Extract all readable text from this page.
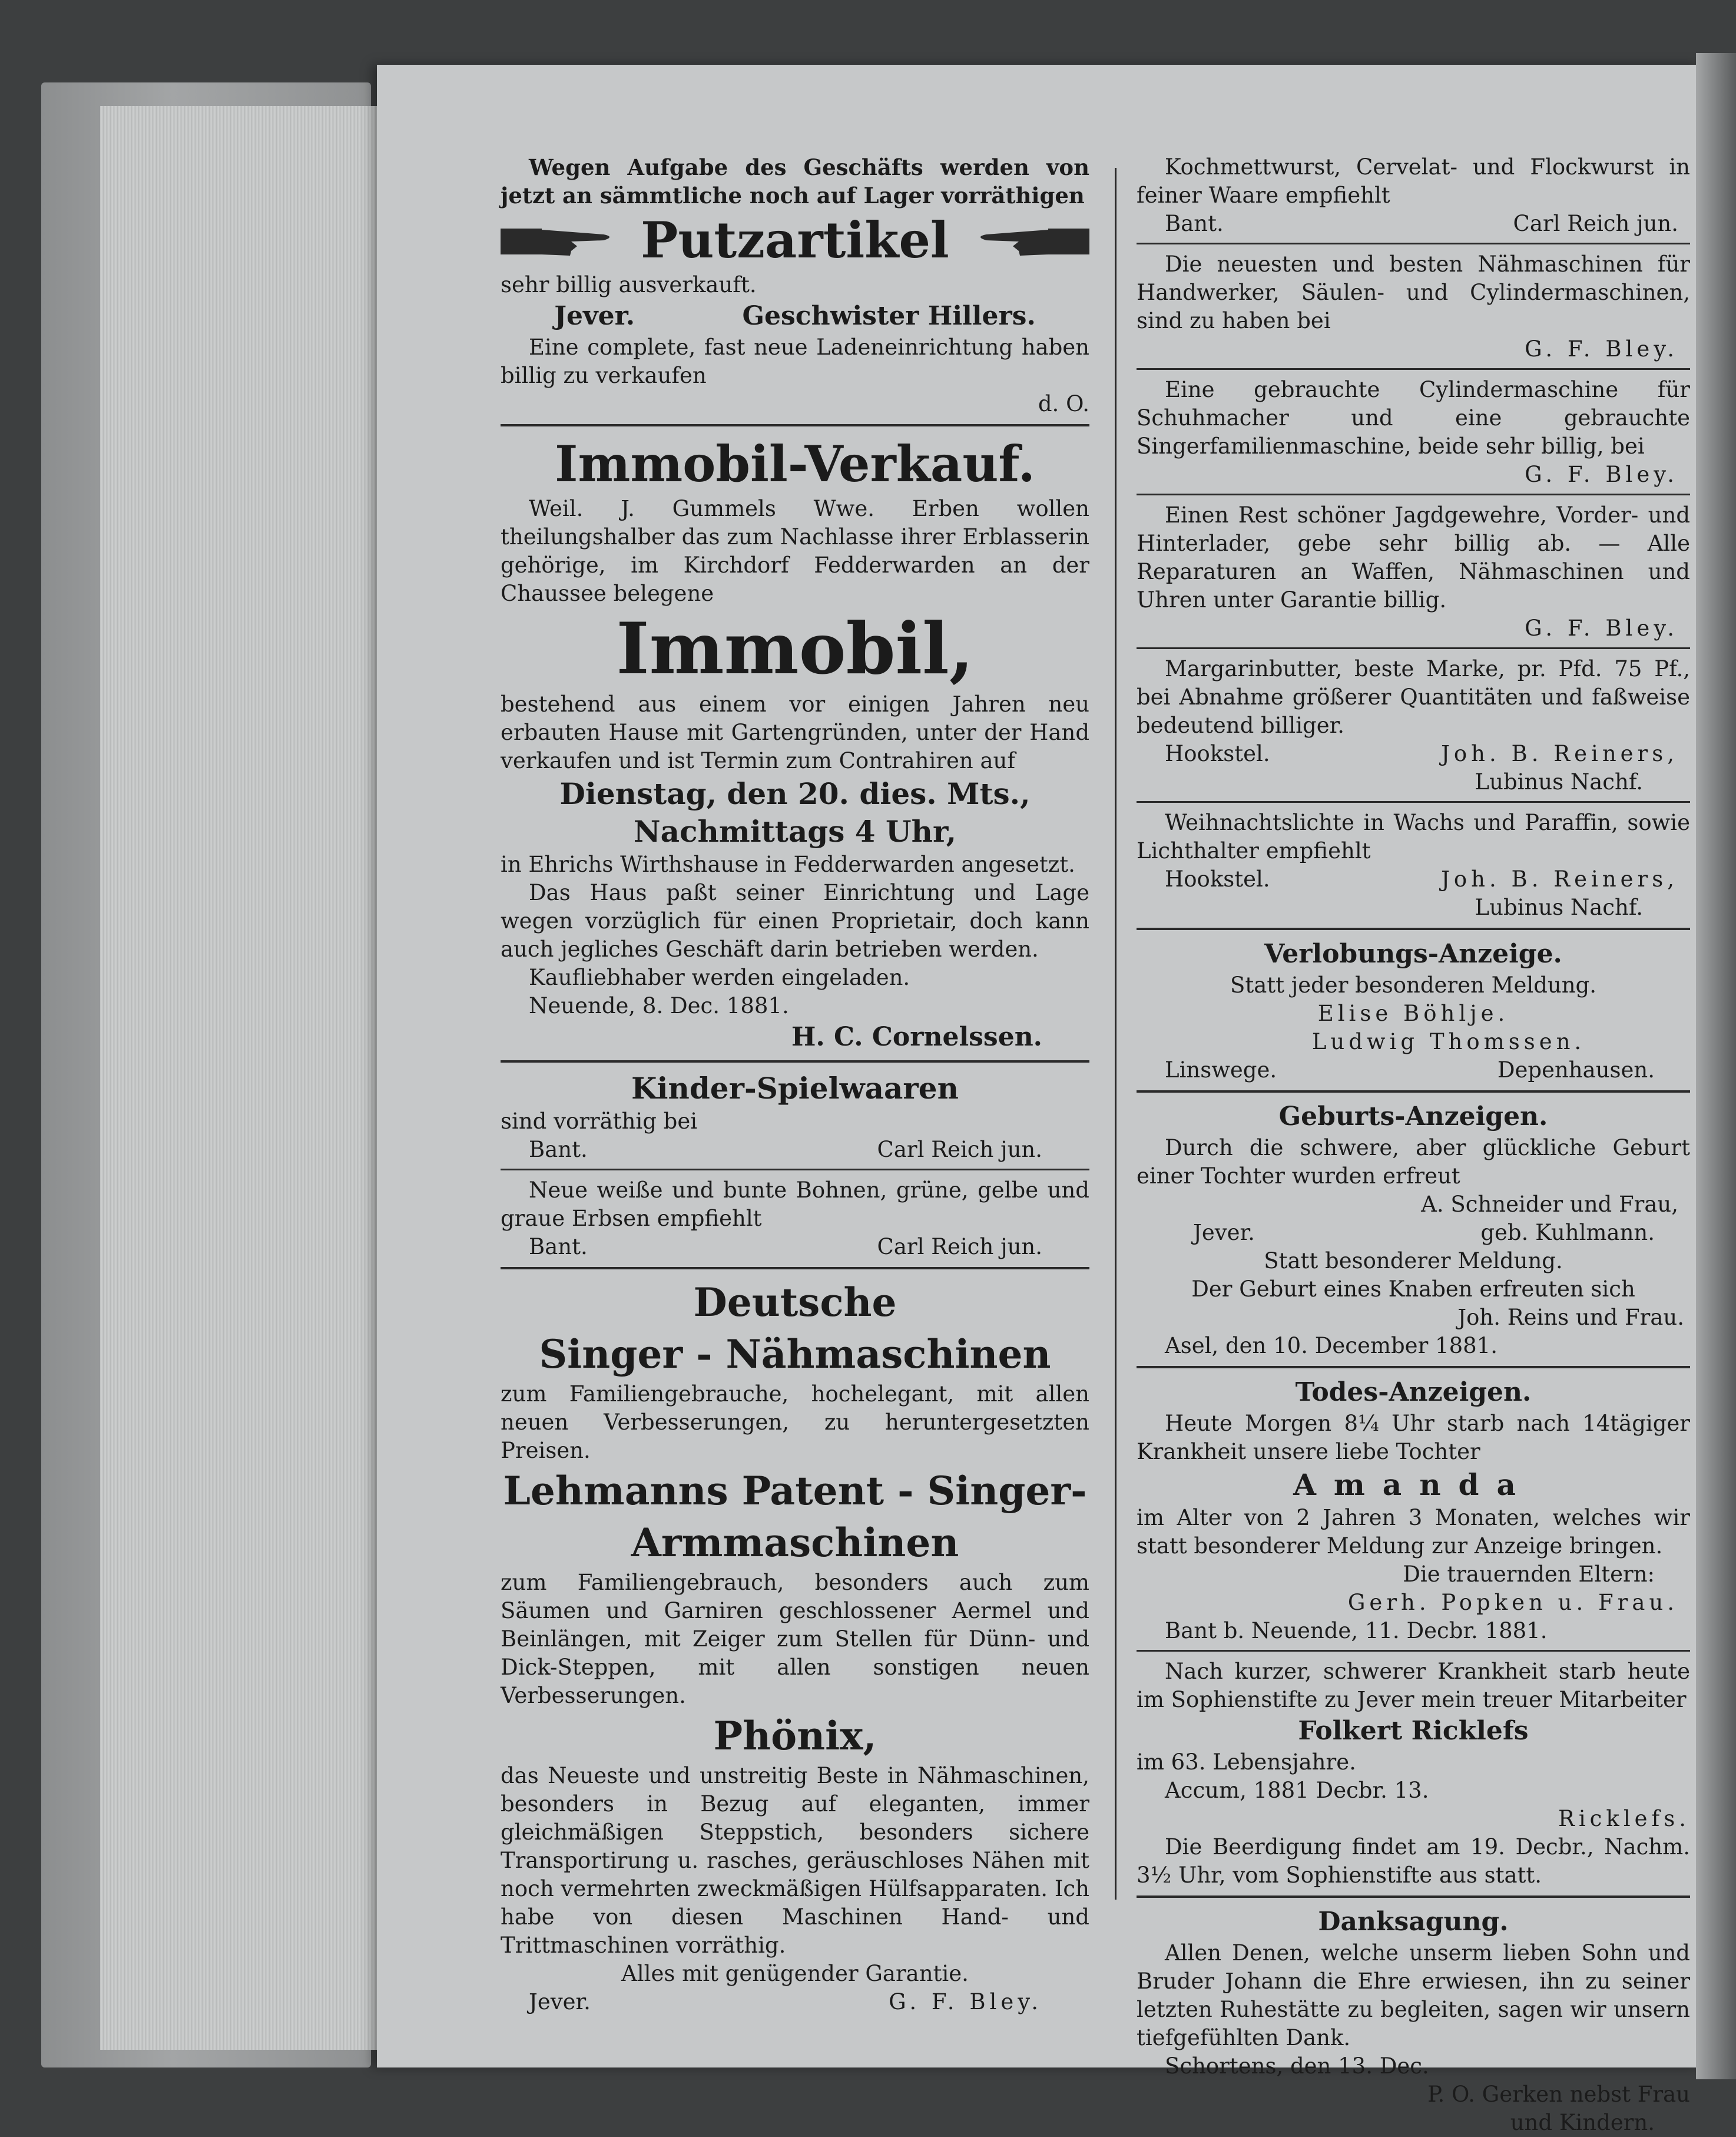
Wegen Aufgabe des Geschäfts werden von jetzt an sämmtliche noch auf Lager vorräthigen

Putzartikel

sehr billig ausverkauft.

Jever.	Geschwister Hillers.

Eine complete, fast neue Ladeneinrichtung haben billig zu verkaufen

d. O.
Immobil-Verkauf.

Weil. J. Gummels Wwe. Erben wollen theilungshalber das zum Nachlasse ihrer Erblasserin gehörige, im Kirchdorf Fedderwarden an der Chaussee belegene

Immobil,

bestehend aus einem vor einigen Jahren neu erbauten Hause mit Gartengründen, unter der Hand verkaufen und ist Termin zum Contrahiren auf

Dienstag, den 20. dies. Mts.,
Nachmittags 4 Uhr,

in Ehrichs Wirthshause in Fedderwarden angesetzt.

Das Haus paßt seiner Einrichtung und Lage wegen vorzüglich für einen Proprietair, doch kann auch jegliches Geschäft darin betrieben werden.

Kaufliebhaber werden eingeladen.

Neuende, 8. Dec. 1881.

H. C. Cornelssen.
Kinder-Spielwaaren

sind vorräthig bei

Bant.	Carl Reich jun.

Neue weiße und bunte Bohnen, grüne, gelbe und graue Erbsen empfiehlt

Bant.	Carl Reich jun.
Deutsche
Singer - Nähmaschinen

zum Familiengebrauche, hochelegant, mit allen neuen Verbesserungen, zu heruntergesetzten Preisen.

Lehmanns Patent - Singer-
Armmaschinen

zum Familiengebrauch, besonders auch zum Säumen und Garniren geschlossener Aermel und Beinlängen, mit Zeiger zum Stellen für Dünn- und Dick-Steppen, mit allen sonstigen neuen Verbesserungen.

Phönix,

das Neueste und unstreitig Beste in Nähmaschinen, besonders in Bezug auf eleganten, immer gleichmäßigen Steppstich, besonders sichere Transportirung u. rasches, geräuschloses Nähen mit noch vermehrten zweckmäßigen Hülfsapparaten. Ich habe von diesen Maschinen Hand- und Trittmaschinen vorräthig.

Alles mit genügender Garantie.
Jever.	G. F. Bley.

Kochmettwurst, Cervelat- und Flockwurst in feiner Waare empfiehlt

Bant.	Carl Reich jun.

Die neuesten und besten Nähmaschinen für Handwerker, Säulen- und Cylindermaschinen, sind zu haben bei

G. F. Bley.

Eine gebrauchte Cylindermaschine für Schuhmacher und eine gebrauchte Singerfamilienmaschine, beide sehr billig, bei

G. F. Bley.

Einen Rest schöner Jagdgewehre, Vorder- und Hinterlader, gebe sehr billig ab. — Alle Reparaturen an Waffen, Nähmaschinen und Uhren unter Garantie billig.

G. F. Bley.

Margarinbutter, beste Marke, pr. Pfd. 75 Pf., bei Abnahme größerer Quantitäten und faßweise bedeutend billiger.

Hookstel.	Joh. B. Reiners,
Lubinus Nachf.

Weihnachtslichte in Wachs und Paraffin, sowie Lichthalter empfiehlt

Hookstel.	Joh. B. Reiners,
Lubinus Nachf.
Verlobungs-Anzeige.
Statt jeder besonderen Meldung.
Elise Böhlje.
Ludwig Thomssen.
Linswege.	Depenhausen.
Geburts-Anzeigen.

Durch die schwere, aber glückliche Geburt einer Tochter wurden erfreut

A. Schneider und Frau,
Jever.	geb. Kuhlmann.
Statt besonderer Meldung.
Der Geburt eines Knaben erfreuten sich
Joh. Reins und Frau.

Asel, den 10. December 1881.

Todes-Anzeigen.

Heute Morgen 8¼ Uhr starb nach 14tägiger Krankheit unsere liebe Tochter

Amanda

im Alter von 2 Jahren 3 Monaten, welches wir statt besonderer Meldung zur Anzeige bringen.

Die trauernden Eltern:
Gerh. Popken u. Frau.

Bant b. Neuende, 11. Decbr. 1881.

Nach kurzer, schwerer Krankheit starb heute im Sophienstifte zu Jever mein treuer Mitarbeiter

Folkert Ricklefs

im 63. Lebensjahre.

Accum, 1881 Decbr. 13.

Ricklefs.

Die Beerdigung findet am 19. Decbr., Nachm. 3½ Uhr, vom Sophienstifte aus statt.

Danksagung.

Allen Denen, welche unserm lieben Sohn und Bruder Johann die Ehre erwiesen, ihn zu seiner letzten Ruhestätte zu begleiten, sagen wir unsern tiefgefühlten Dank.

Schortens, den 13. Dec.

P. O. Gerken nebst Frau
und Kindern.
